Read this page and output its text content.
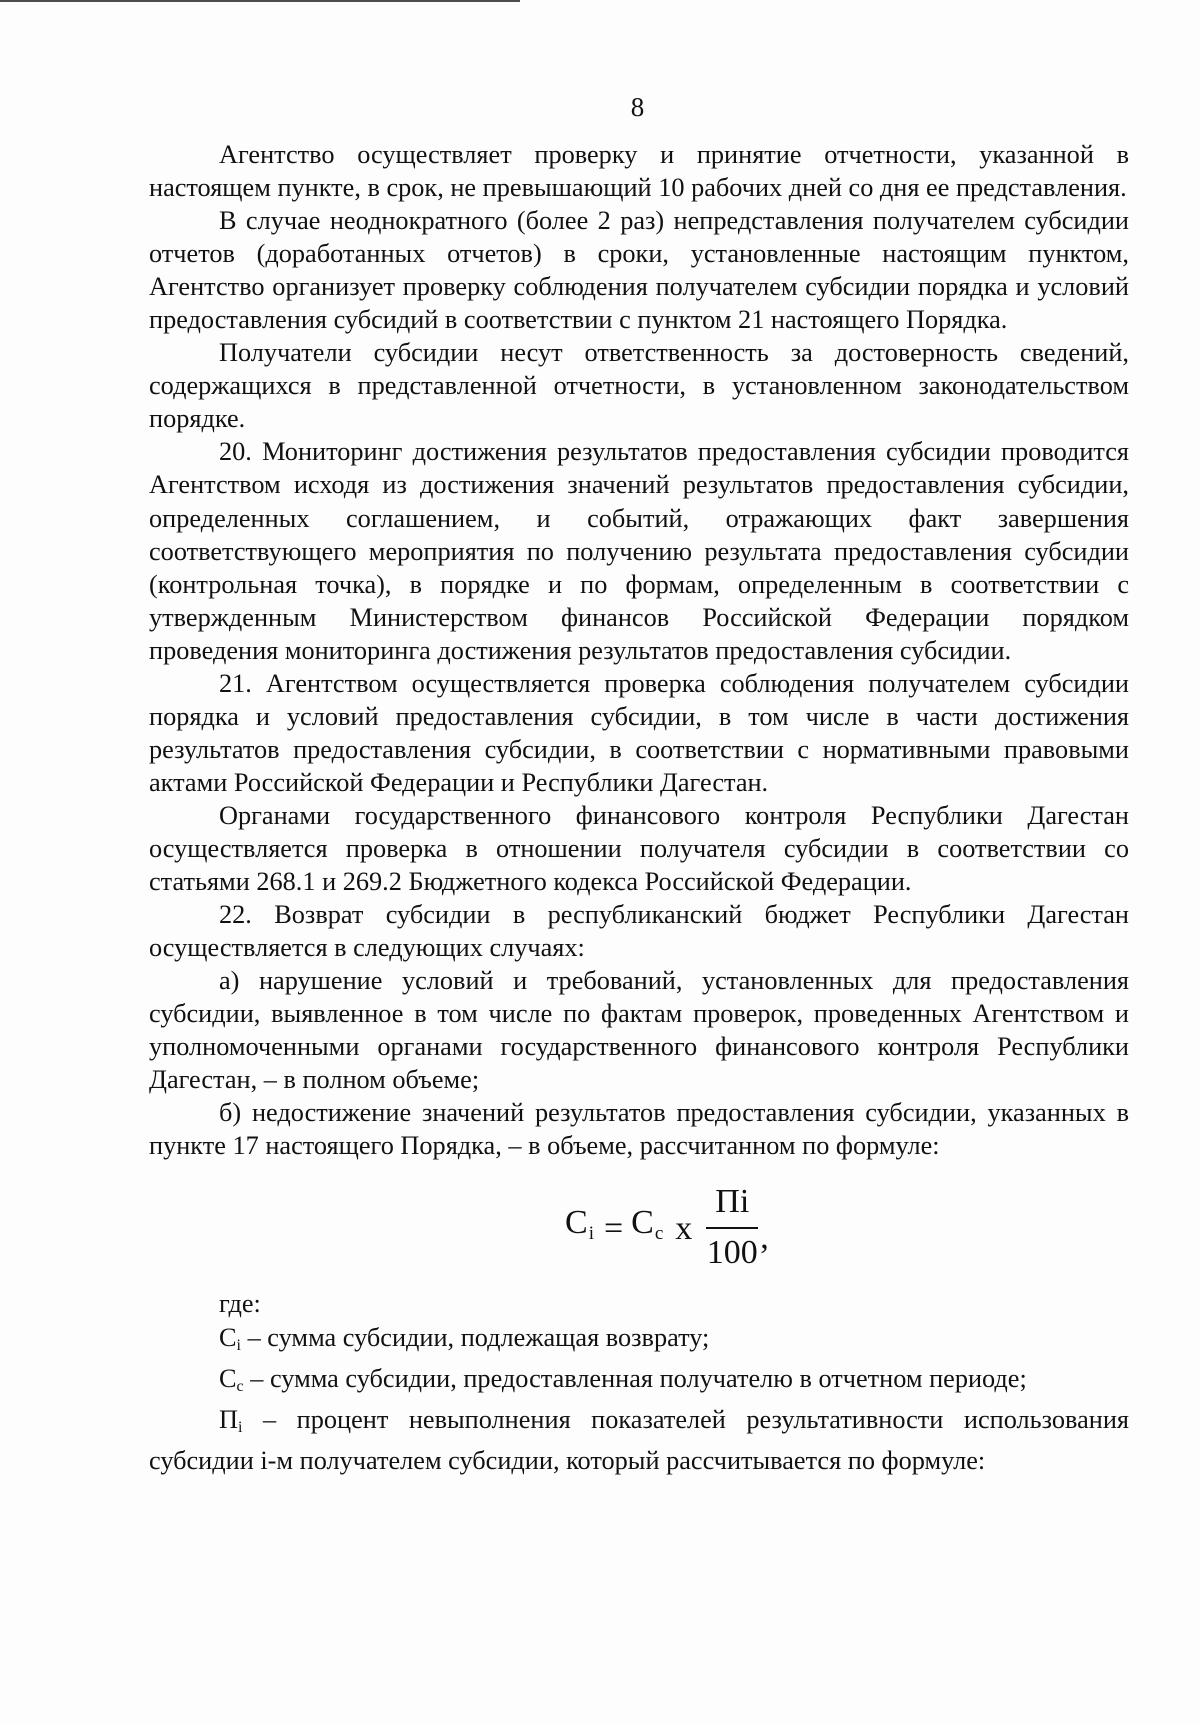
8

Агентство осуществляет проверку и принятие отчетности, указанной в настоящем пункте, в срок, не превышающий 10 рабочих дней со дня ее представления.

В случае неоднократного (более 2 раз) непредставления получателем субсидии отчетов (доработанных отчетов) в сроки, установленные настоящим пунктом, Агентство организует проверку соблюдения получателем субсидии порядка и условий предоставления субсидий в соответствии с пунктом 21 настоящего Порядка.

Получатели субсидии несут ответственность за достоверность сведений, содержащихся в представленной отчетности, в установленном законодательством порядке.

20. Мониторинг достижения результатов предоставления субсидии проводится Агентством исходя из достижения значений результатов предоставления субсидии, определенных соглашением, и событий, отражающих факт завершения соответствующего мероприятия по получению результата предоставления субсидии (контрольная точка), в порядке и по формам, определенным в соответствии с утвержденным Министерством финансов Российской Федерации порядком проведения мониторинга достижения результатов предоставления субсидии.

21. Агентством осуществляется проверка соблюдения получателем субсидии порядка и условий предоставления субсидии, в том числе в части достижения результатов предоставления субсидии, в соответствии с нормативными правовыми актами Российской Федерации и Республики Дагестан.

Органами государственного финансового контроля Республики Дагестан осуществляется проверка в отношении получателя субсидии в соответствии со статьями 268.1 и 269.2 Бюджетного кодекса Российской Федерации.

22. Возврат субсидии в республиканский бюджет Республики Дагестан осуществляется в следующих случаях:

а) нарушение условий и требований, установленных для предоставления субсидии, выявленное в том числе по фактам проверок, проведенных Агентством и уполномоченными органами государственного финансового контроля Республики Дагестан, – в полном объеме;

б) недостижение значений результатов предоставления субсидии, указанных в пункте 17 настоящего Порядка, – в объеме, рассчитанном по формуле:

$C_i = C_c$ x $\frac{Пi}{100}$ ,

где:

$C_i$ – сумма субсидии, подлежащая возврату;

$C_c$ – сумма субсидии, предоставленная получателю в отчетном периоде;

$П_i$ – процент невыполнения показателей результативности использования субсидии i-м получателем субсидии, который рассчитывается по формуле:
